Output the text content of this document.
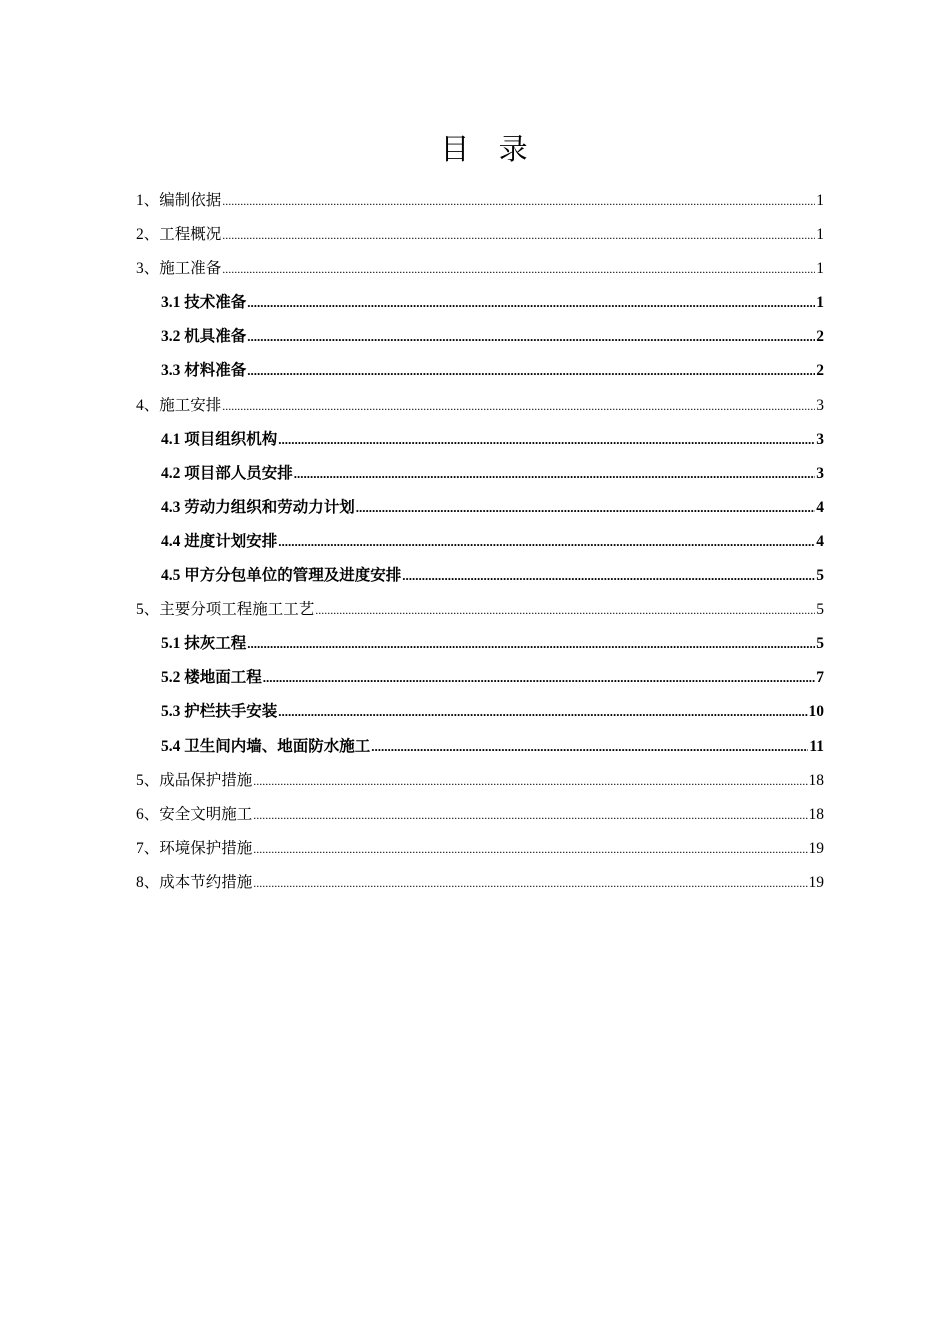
目 录
1、编制依据 .....	1
2、工程概况 .....	1
3、施工准备 .....	1
3.1 技术准备 .....	1
3.2 机具准备 .....	2
3.3 材料准备 .....	2
4、施工安排 .....	3
4.1 项目组织机构 .....	3
4.2 项目部人员安排 .....	3
4.3 劳动力组织和劳动力计划 .....	4
4.4 进度计划安排 .....	4
4.5 甲方分包单位的管理及进度安排 .....	5
5、主要分项工程施工工艺 .....	5
5.1 抹灰工程 .....	5
5.2 楼地面工程 .....	7
5.3 护栏扶手安装 .....	10
5.4 卫生间内墙、地面防水施工 .....	11
5、成品保护措施 .....	18
6、安全文明施工 .....	18
7、环境保护措施 .....	19
8、成本节约措施 .....	19
